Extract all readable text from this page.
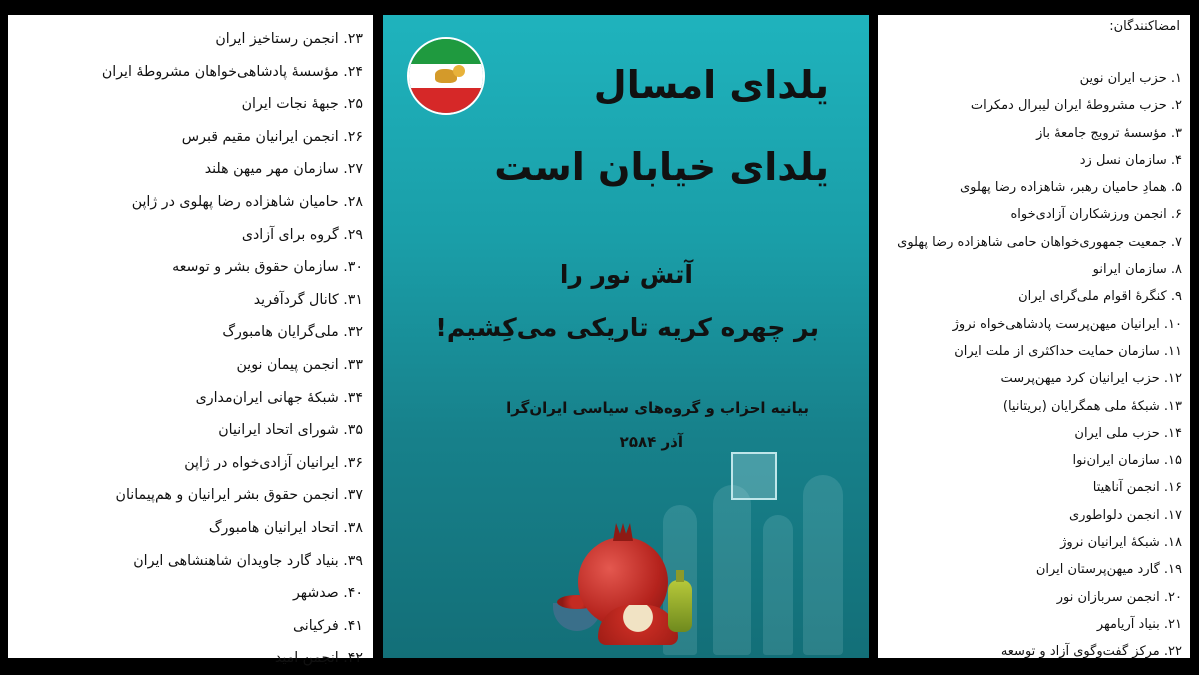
۲۳. انجمن رستاخیز ایران
۲۴. مؤسسهٔ پادشاهی‌خواهان مشروطهٔ ایران
۲۵. جبههٔ نجات ایران
۲۶. انجمن ایرانیان مقیم قبرس
۲۷. سازمان مهر میهن هلند
۲۸. حامیان شاهزاده رضا پهلوی در ژاپن
۲۹. گروه برای آزادی
۳۰. سازمان حقوق بشر و توسعه
۳۱. کانال گردآفرید
۳۲. ملی‌گرایان هامبورگ
۳۳. انجمن پیمان نوین
۳۴. شبکهٔ جهانی ایران‌مداری
۳۵. شورای اتحاد ایرانیان
۳۶. ایرانیان آزادی‌خواه در ژاپن
۳۷. انجمن حقوق بشر ایرانیان و هم‌پیمانان
۳۸. اتحاد ایرانیان هامبورگ
۳۹. بنیاد گارد جاویدان شاهنشاهی ایران
۴۰. صدشهر
۴۱. فرکیانی
۴۲. انجمن امید
یلدای امسال
یلدای خیابان است
آتش نور را
بر چهره کریه تاریکی می‌کِشیم!
بیانیه احزاب و گروه‌های سیاسی ایران‌گرا
آذر ۲۵۸۴
امضاکنندگان:
۱. حزب ایران نوین
۲. حزب مشروطهٔ ایران لیبرال دمکرات
۳. مؤسسهٔ ترویج جامعهٔ باز
۴. سازمان نسل زد
۵. همادِ حامیان رهبر، شاهزاده رضا پهلوی
۶. انجمن ورزشکاران آزادی‌خواه
۷. جمعیت جمهوری‌خواهان حامی شاهزاده رضا پهلوی
۸. سازمان ایرانو
۹. کنگرهٔ اقوام ملی‌گرای ایران
۱۰. ایرانیان میهن‌پرست پادشاهی‌خواه نروژ
۱۱. سازمان حمایت حداکثری از ملت ایران
۱۲. حزب ایرانیان کرد میهن‌پرست
۱۳. شبکهٔ ملی همگرایان (بریتانیا)
۱۴. حزب ملی ایران
۱۵. سازمان ایران‌نوا
۱۶. انجمن آناهیتا
۱۷. انجمن دلواطوری
۱۸. شبکهٔ ایرانیان نروژ
۱۹. گارد میهن‌پرستان ایران
۲۰. انجمن سربازان نور
۲۱. بنیاد آریامهر
۲۲. مرکز گفت‌وگوی آزاد و توسعه
